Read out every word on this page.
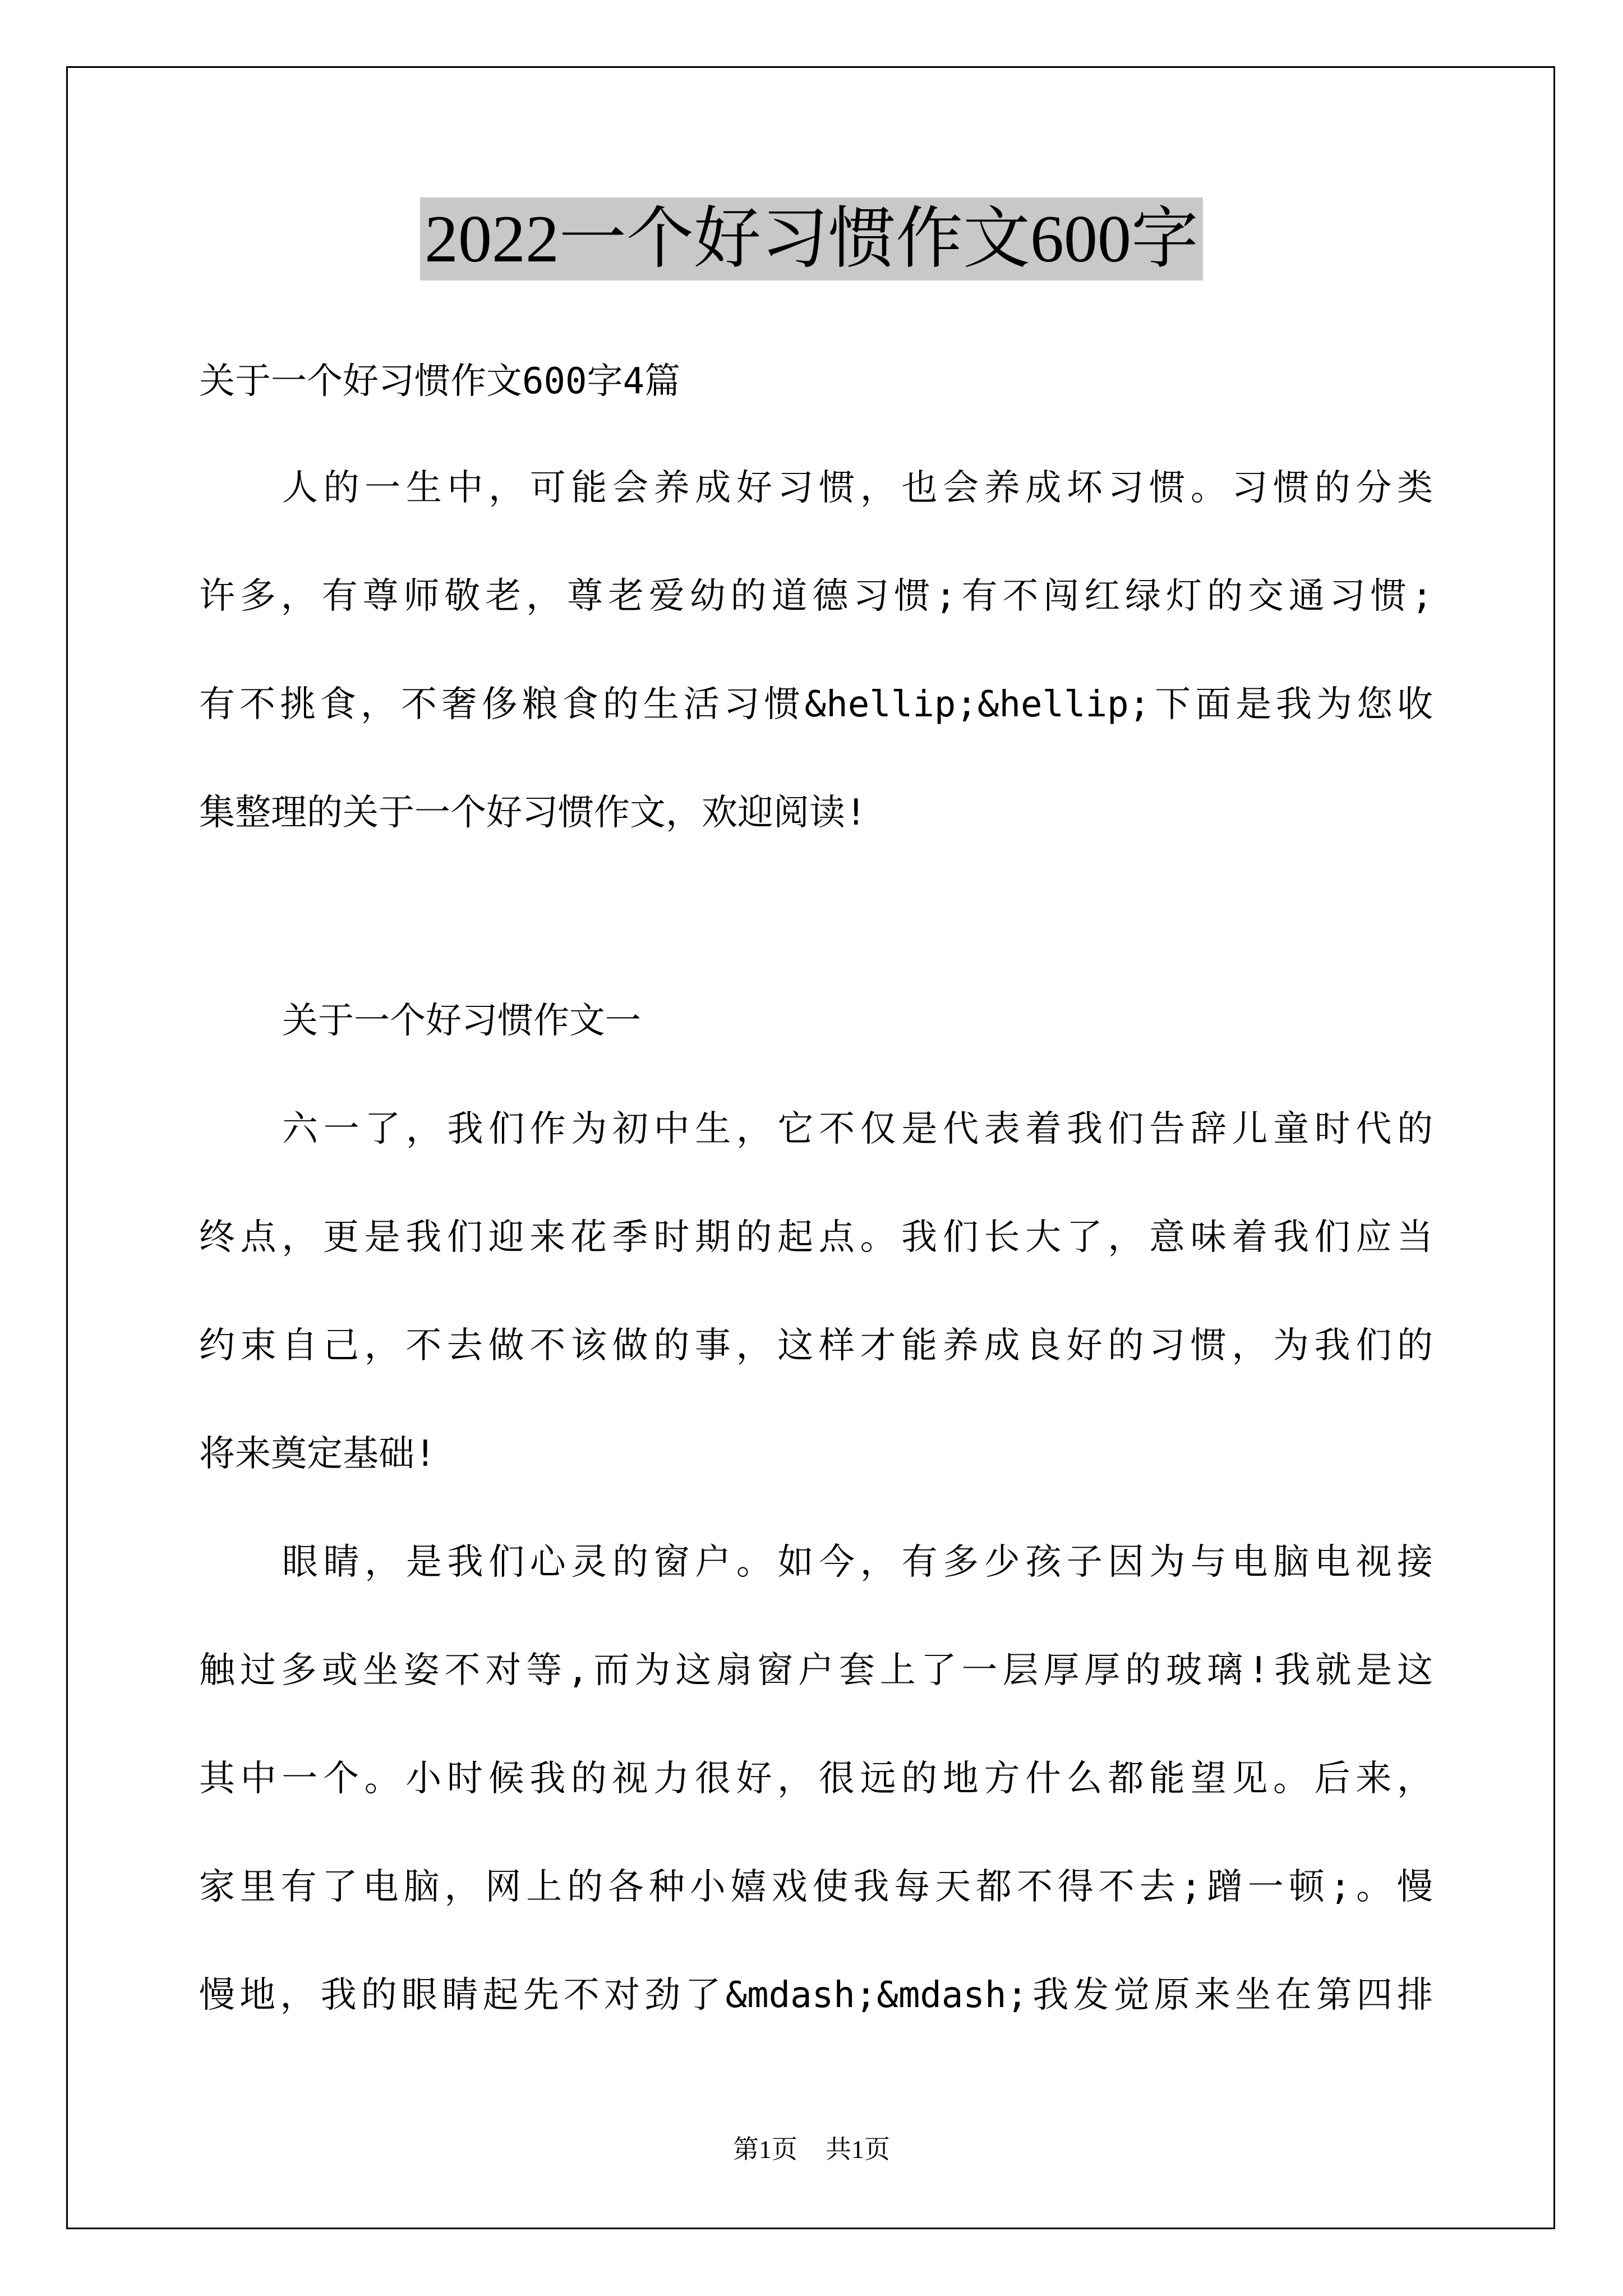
2022一个好习惯作文600字
关于一个好习惯作文600字4篇
人的一生中，可能会养成好习惯，也会养成坏习惯。习惯的分类
许多，有尊师敬老，尊老爱幼的道德习惯;有不闯红绿灯的交通习惯;
有不挑食，不奢侈粮食的生活习惯&hellip;&hellip;下面是我为您收
集整理的关于一个好习惯作文，欢迎阅读!
关于一个好习惯作文一
六一了，我们作为初中生，它不仅是代表着我们告辞儿童时代的
终点，更是我们迎来花季时期的起点。我们长大了，意味着我们应当
约束自己，不去做不该做的事，这样才能养成良好的习惯，为我们的
将来奠定基础!
眼睛，是我们心灵的窗户。如今，有多少孩子因为与电脑电视接
触过多或坐姿不对等,而为这扇窗户套上了一层厚厚的玻璃!我就是这
其中一个。小时候我的视力很好，很远的地方什么都能望见。后来，
家里有了电脑，网上的各种小嬉戏使我每天都不得不去;蹭一顿;。慢
慢地，我的眼睛起先不对劲了&mdash;&mdash;我发觉原来坐在第四排
第1页 共1页
